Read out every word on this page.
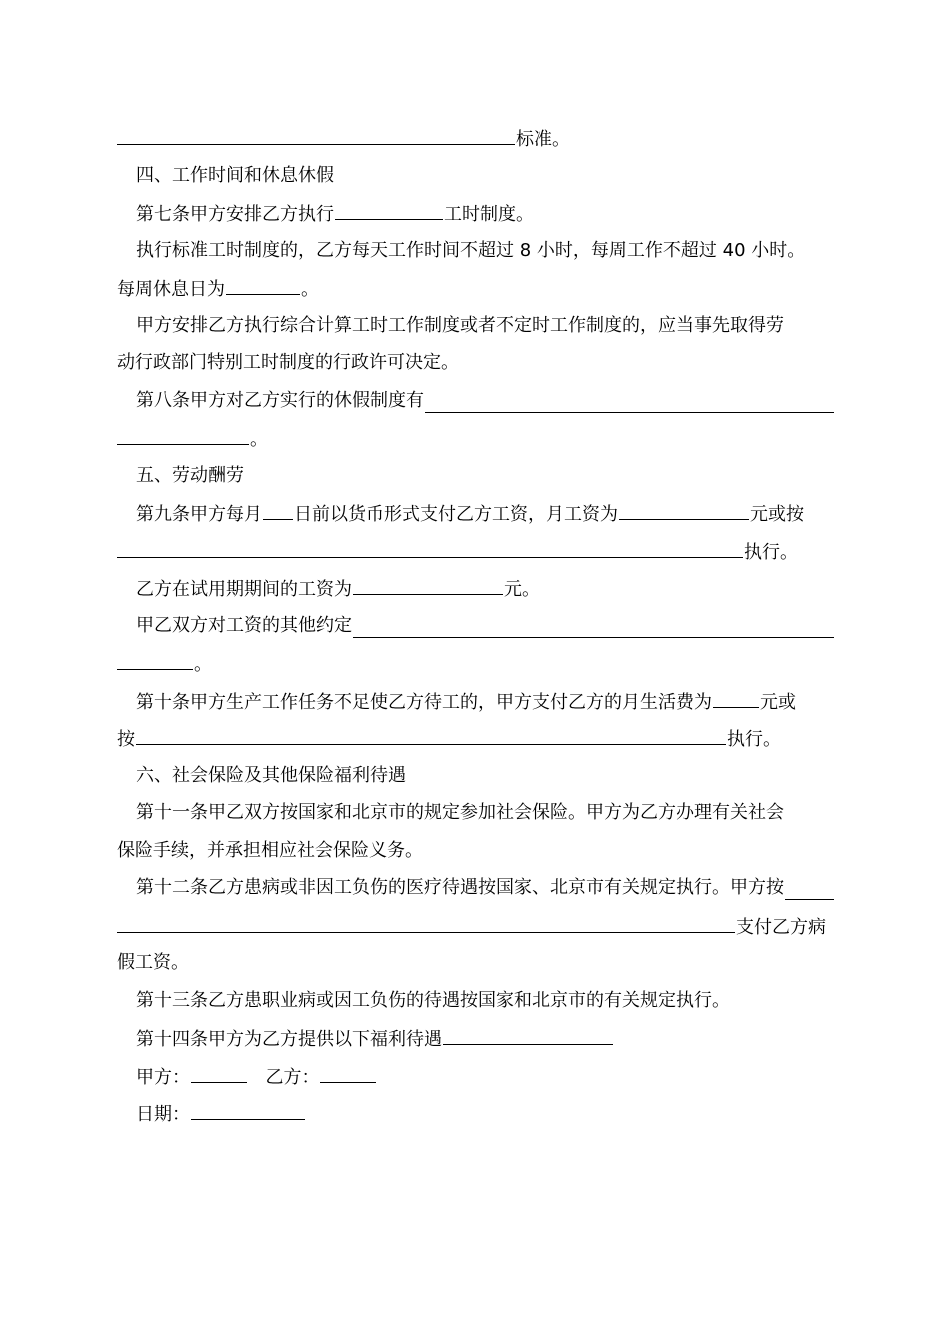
标准。
四、工作时间和休息休假
第七条甲方安排乙方执行	工时制度。
执行标准工时制度的，乙方每天工作时间不超过 8 小时，每周工作不超过 40 小时。
每周休息日为	。
甲方安排乙方执行综合计算工时工作制度或者不定时工作制度的，应当事先取得劳
动行政部门特别工时制度的行政许可决定。
第八条甲方对乙方实行的休假制度有
。
五、劳动酬劳
第九条甲方每月 日前以货币形式支付乙方工资，月工资为	元或按
执行。
乙方在试用期期间的工资为	元。
甲乙双方对工资的其他约定
。
第十条甲方生产工作任务不足使乙方待工的，甲方支付乙方的月生活费为	元或
按	执行。
六、社会保险及其他保险福利待遇
第十一条甲乙双方按国家和北京市的规定参加社会保险。甲方为乙方办理有关社会
保险手续，并承担相应社会保险义务。
第十二条乙方患病或非因工负伤的医疗待遇按国家、北京市有关规定执行。甲方按
支付乙方病
假工资。
第十三条乙方患职业病或因工负伤的待遇按国家和北京市的有关规定执行。
第十四条甲方为乙方提供以下福利待遇
甲方：	乙方：
日期：
